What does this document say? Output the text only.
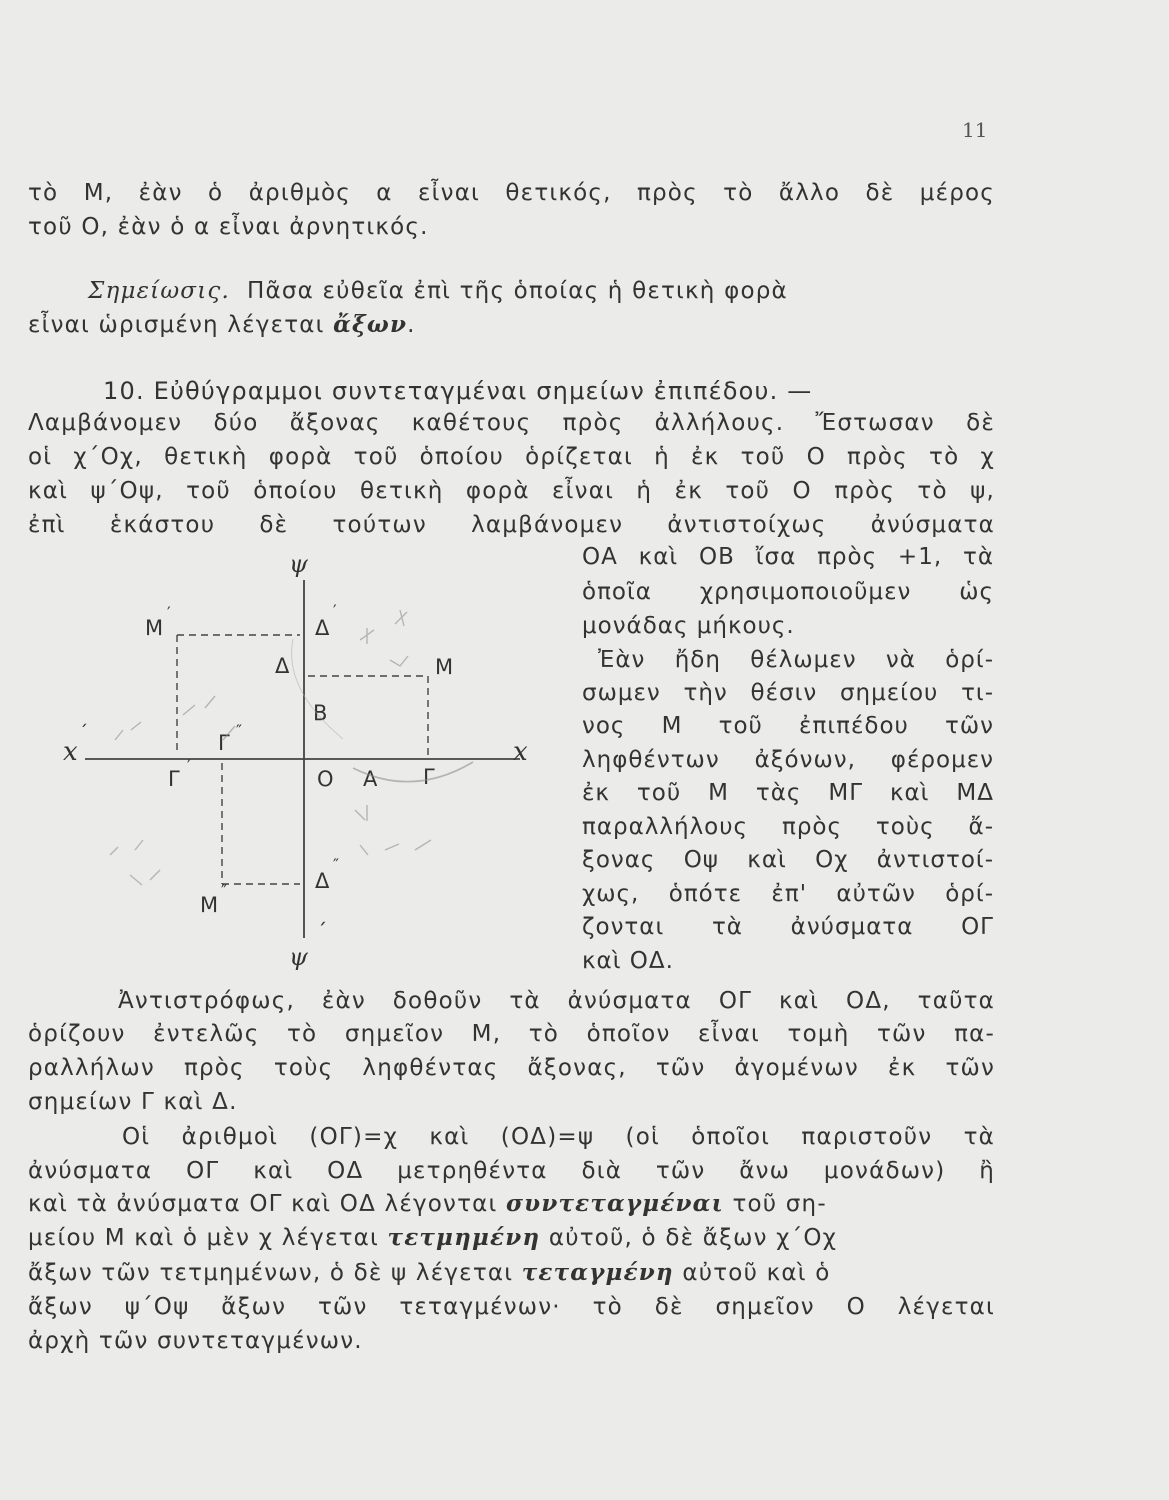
11
τὸ M, ἐὰν ὁ ἀριθμὸς α εἶναι θετικός, πρὸς τὸ ἄλλο δὲ μέρος
τοῦ Ο, ἐὰν ὁ α εἶναι ἀρνητικός.
Σημείωσις. Πᾶσα εὐθεῖα ἐπὶ τῆς ὁποίας ἡ θετικὴ φορὰ
εἶναι ὡρισμένη λέγεται ἄξων.
10. Εὐθύγραμμοι συντεταγμέναι σημείων ἐπιπέδου. —
Λαμβάνομεν δύο ἄξονας καθέτους πρὸς ἀλλήλους. Ἔστωσαν δὲ
οἱ χ΄Οχ, θετικὴ φορὰ τοῦ ὁποίου ὁρίζεται ἡ ἐκ τοῦ Ο πρὸς τὸ χ
καὶ ψ΄Οψ, τοῦ ὁποίου θετικὴ φορὰ εἶναι ἡ ἐκ τοῦ Ο πρὸς τὸ ψ,
ἐπὶ ἑκάστου δὲ τούτων λαμβάνομεν ἀντιστοίχως ἀνύσματα
ΟΑ καὶ ΟΒ ἴσα πρὸς +1, τὰ
ὁποῖα χρησιμοποιοῦμεν ὡς
μονάδας μήκους.
Ἐὰν ἤδη θέλωμεν νὰ ὁρί-
σωμεν τὴν θέσιν σημείου τι-
νος Μ τοῦ ἐπιπέδου τῶν
ληφθέντων ἀξόνων, φέρομεν
ἐκ τοῦ Μ τὰς ΜΓ καὶ ΜΔ
παραλλήλους πρὸς τοὺς ἄ-
ξονας Οψ καὶ Οχ ἀντιστοί-
χως, ὁπότε ἐπ' αὐτῶν ὁρί-
ζονται τὰ ἀνύσματα ΟΓ
καὶ ΟΔ.
ψ
ψ
΄
x
΄
x
Μ
′
Δ
′
Δ	Μ
Β
Γ
″
Γ
′
Ο Α Γ
Δ
″
Μ
″
Ἀντιστρόφως, ἐὰν δοθοῦν τὰ ἀνύσματα ΟΓ καὶ ΟΔ, ταῦτα
ὁρίζουν ἐντελῶς τὸ σημεῖον Μ, τὸ ὁποῖον εἶναι τομὴ τῶν πα-
ραλλήλων πρὸς τοὺς ληφθέντας ἄξονας, τῶν ἀγομένων ἐκ τῶν
σημείων Γ καὶ Δ.
Οἱ ἀριθμοὶ (ΟΓ)=χ καὶ (ΟΔ)=ψ (οἱ ὁποῖοι παριστοῦν τὰ
ἀνύσματα ΟΓ καὶ ΟΔ μετρηθέντα διὰ τῶν ἄνω μονάδων) ἢ
καὶ τὰ ἀνύσματα ΟΓ καὶ ΟΔ λέγονται συντεταγμέναι τοῦ ση-
μείου Μ καὶ ὁ μὲν χ λέγεται τετμημένη αὐτοῦ, ὁ δὲ ἄξων χ΄Οχ
ἄξων τῶν τετμημένων, ὁ δὲ ψ λέγεται τεταγμένη αὐτοῦ καὶ ὁ
ἄξων ψ΄Οψ ἄξων τῶν τεταγμένων· τὸ δὲ σημεῖον Ο λέγεται
ἀρχὴ τῶν συντεταγμένων.
